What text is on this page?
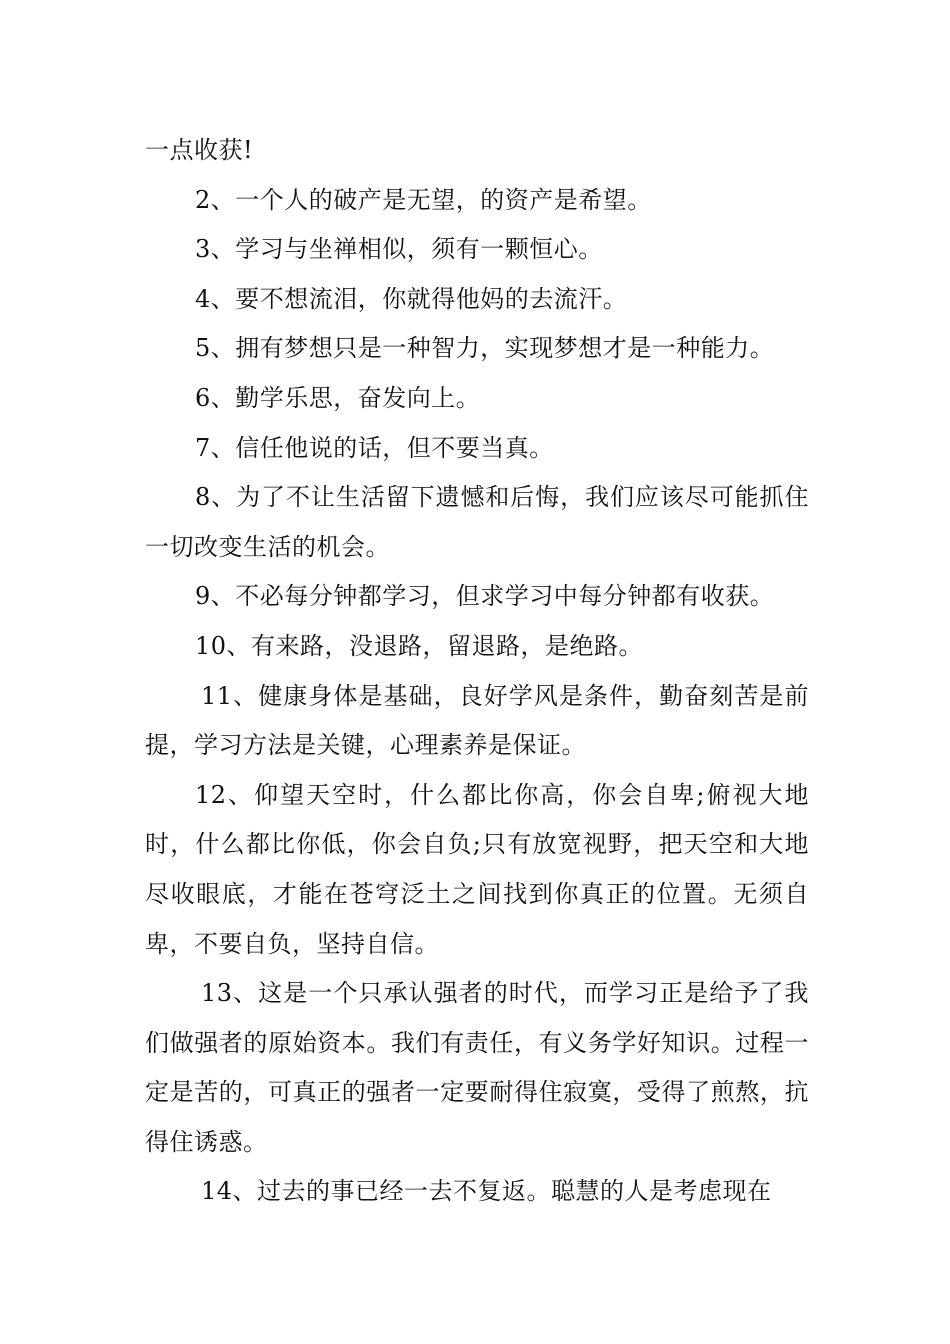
一点收获!

2、一个人的破产是无望，的资产是希望。

3、学习与坐禅相似，须有一颗恒心。

4、要不想流泪，你就得他妈的去流汗。

5、拥有梦想只是一种智力，实现梦想才是一种能力。

6、勤学乐思，奋发向上。

7、信任他说的话，但不要当真。

8、为了不让生活留下遗憾和后悔，我们应该尽可能抓住一切改变生活的机会。

9、不必每分钟都学习，但求学习中每分钟都有收获。

10、有来路，没退路，留退路，是绝路。

11、健康身体是基础，良好学风是条件，勤奋刻苦是前提，学习方法是关键，心理素养是保证。

12、仰望天空时，什么都比你高，你会自卑;俯视大地时，什么都比你低，你会自负;只有放宽视野，把天空和大地尽收眼底，才能在苍穹泛土之间找到你真正的位置。无须自卑，不要自负，坚持自信。

13、这是一个只承认强者的时代，而学习正是给予了我们做强者的原始资本。我们有责任，有义务学好知识。过程一定是苦的，可真正的强者一定要耐得住寂寞，受得了煎熬，抗得住诱惑。

14、过去的事已经一去不复返。聪慧的人是考虑现在
